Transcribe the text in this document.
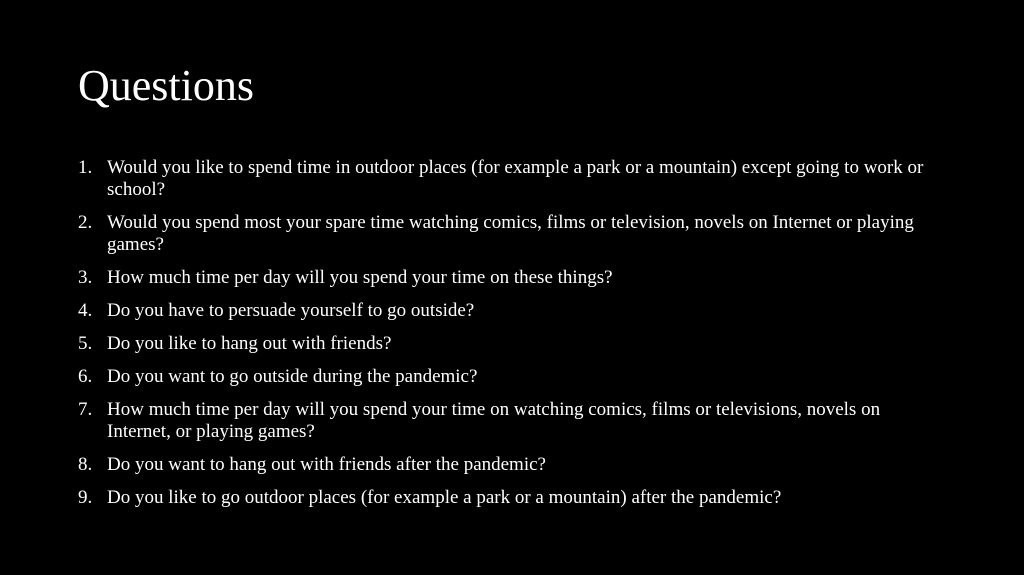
Questions
1. Would you like to spend time in outdoor places (for example a park or a mountain) except going to work or school?
2. Would you spend most your spare time watching comics, films or television, novels on Internet or playing games?
3. How much time per day will you spend your time on these things?
4. Do you have to persuade yourself to go outside?
5. Do you like to hang out with friends?
6. Do you want to go outside during the pandemic?
7. How much time per day will you spend your time on watching comics, films or televisions, novels on Internet, or playing games?
8. Do you want to hang out with friends after the pandemic?
9. Do you like to go outdoor places (for example a park or a mountain) after the pandemic?
